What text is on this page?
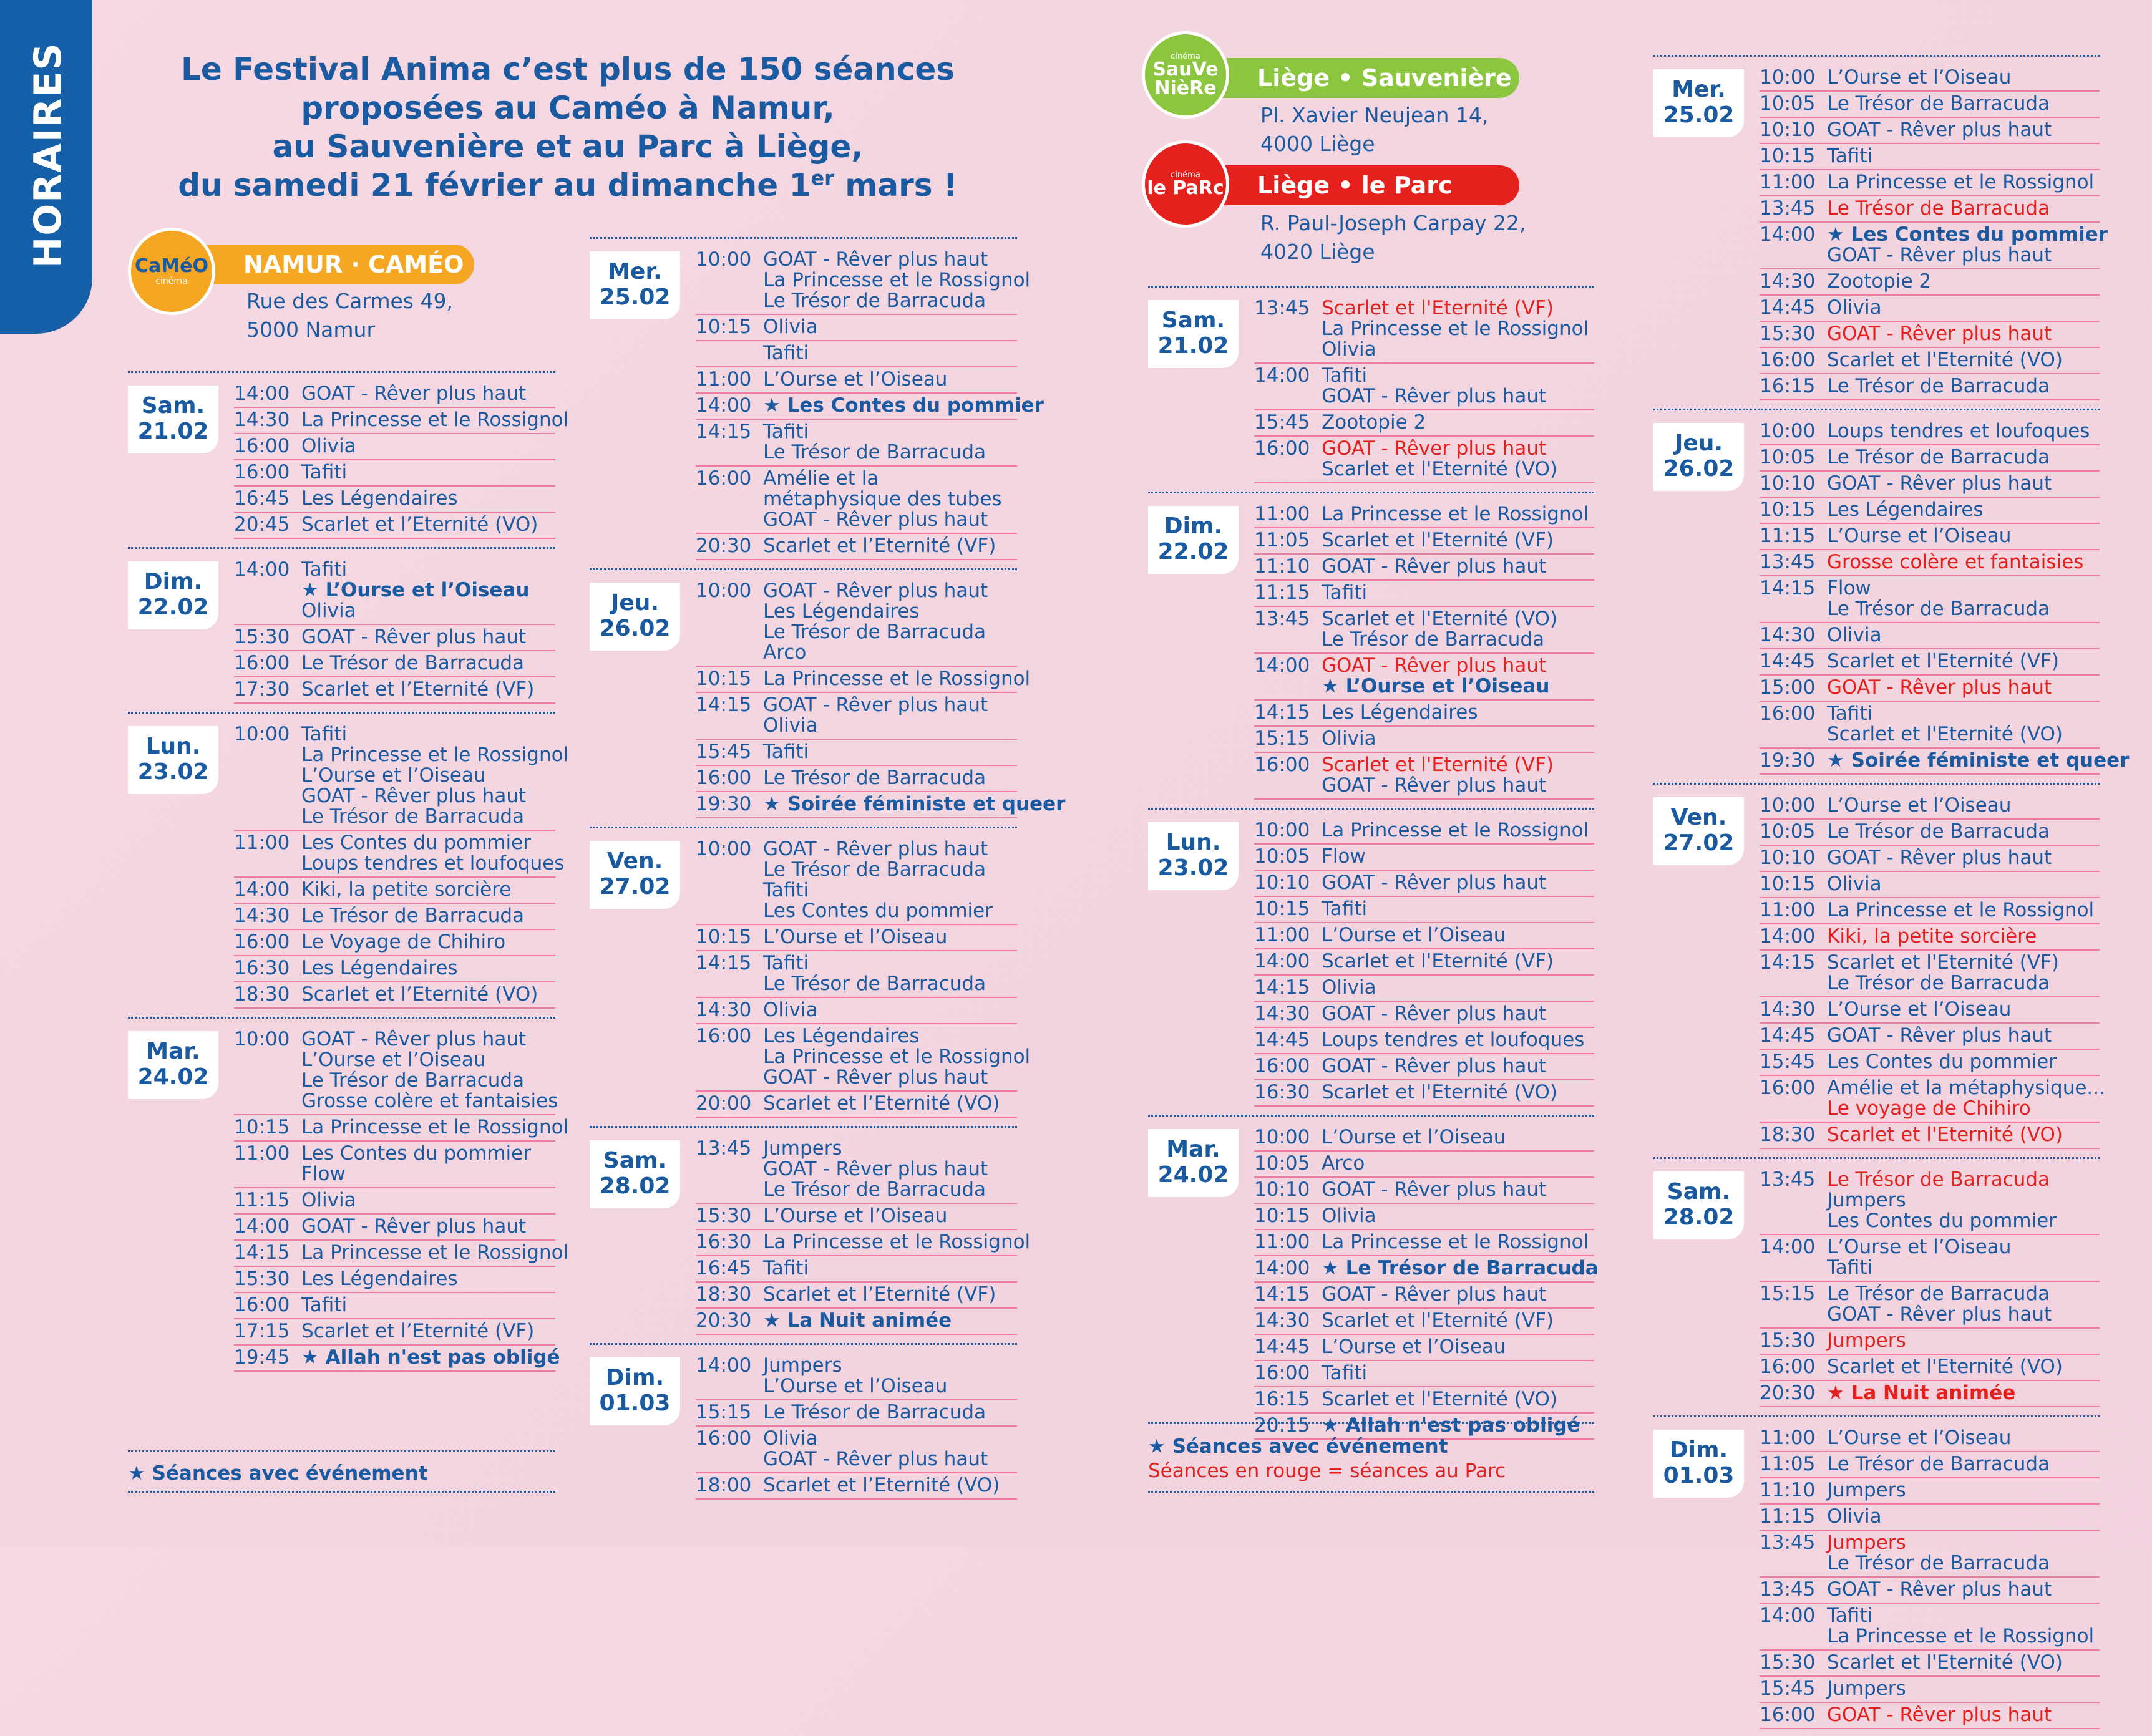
HORAIRES	Le Festival Anima c’est plus de 150 séances
proposées au Caméo à Namur,
au Sauvenière et au Parc à Liège,
du samedi 21 février au dimanche 1er mars !
NAMUR · CAMÉO
CaMéO
cinéma
Rue des Carmes 49,
5000 Namur
Liège • Sauvenière
cinéma
SauVe
NièRe
Pl. Xavier Neujean 14,
4000 Liège
Liège • le Parc
cinéma
le PaRc
R. Paul-Joseph Carpay 22,
4020 Liège
Sam.
21.02
14:00 GOAT - Rêver plus haut
14:30 La Princesse et le Rossignol
16:00 Olivia
16:00 Tafiti
16:45 Les Légendaires
20:45 Scarlet et l’Eternité (VO)
Dim.
22.02
14:00 Tafiti
★ L’Ourse et l’Oiseau
Olivia
15:30 GOAT - Rêver plus haut
16:00 Le Trésor de Barracuda
17:30 Scarlet et l’Eternité (VF)
Lun.
23.02
10:00 Tafiti
La Princesse et le Rossignol
L’Ourse et l’Oiseau
GOAT - Rêver plus haut
Le Trésor de Barracuda
11:00 Les Contes du pommier
Loups tendres et loufoques
14:00 Kiki, la petite sorcière
14:30 Le Trésor de Barracuda
16:00 Le Voyage de Chihiro
16:30 Les Légendaires
18:30 Scarlet et l’Eternité (VO)
Mar.
24.02
10:00 GOAT - Rêver plus haut
L’Ourse et l’Oiseau
Le Trésor de Barracuda
Grosse colère et fantaisies
10:15 La Princesse et le Rossignol
11:00 Les Contes du pommier
Flow
11:15 Olivia
14:00 GOAT - Rêver plus haut
14:15 La Princesse et le Rossignol
15:30 Les Légendaires
16:00 Tafiti
17:15 Scarlet et l’Eternité (VF)
19:45 ★ Allah n'est pas obligé
Mer.
25.02
10:00 GOAT - Rêver plus haut
La Princesse et le Rossignol
Le Trésor de Barracuda
10:15 Olivia
Tafiti
11:00 L’Ourse et l’Oiseau
14:00 ★ Les Contes du pommier
14:15 Tafiti
Le Trésor de Barracuda
16:00 Amélie et la
métaphysique des tubes
GOAT - Rêver plus haut
20:30 Scarlet et l’Eternité (VF)
Jeu.
26.02
10:00 GOAT - Rêver plus haut
Les Légendaires
Le Trésor de Barracuda
Arco
10:15 La Princesse et le Rossignol
14:15 GOAT - Rêver plus haut
Olivia
15:45 Tafiti
16:00 Le Trésor de Barracuda
19:30 ★ Soirée féministe et queer
Ven.
27.02
10:00 GOAT - Rêver plus haut
Le Trésor de Barracuda
Tafiti
Les Contes du pommier
10:15 L’Ourse et l’Oiseau
14:15 Tafiti
Le Trésor de Barracuda
14:30 Olivia
16:00 Les Légendaires
La Princesse et le Rossignol
GOAT - Rêver plus haut
20:00 Scarlet et l’Eternité (VO)
Sam.
28.02
13:45 Jumpers
GOAT - Rêver plus haut
Le Trésor de Barracuda
15:30 L’Ourse et l’Oiseau
16:30 La Princesse et le Rossignol
16:45 Tafiti
18:30 Scarlet et l’Eternité (VF)
20:30 ★ La Nuit animée
Dim.
01.03
14:00 Jumpers
L’Ourse et l’Oiseau
15:15 Le Trésor de Barracuda
16:00 Olivia
GOAT - Rêver plus haut
18:00 Scarlet et l’Eternité (VO)
Sam.
21.02
13:45 Scarlet et l'Eternité (VF)
La Princesse et le Rossignol
Olivia
14:00 Tafiti
GOAT - Rêver plus haut
15:45 Zootopie 2
16:00 GOAT - Rêver plus haut
Scarlet et l'Eternité (VO)
Dim.
22.02
11:00 La Princesse et le Rossignol
11:05 Scarlet et l'Eternité (VF)
11:10 GOAT - Rêver plus haut
11:15 Tafiti
13:45 Scarlet et l'Eternité (VO)
Le Trésor de Barracuda
14:00 GOAT - Rêver plus haut
★ L’Ourse et l’Oiseau
14:15 Les Légendaires
15:15 Olivia
16:00 Scarlet et l'Eternité (VF)
GOAT - Rêver plus haut
Lun.
23.02
10:00 La Princesse et le Rossignol
10:05 Flow
10:10 GOAT - Rêver plus haut
10:15 Tafiti
11:00 L’Ourse et l’Oiseau
14:00 Scarlet et l'Eternité (VF)
14:15 Olivia
14:30 GOAT - Rêver plus haut
14:45 Loups tendres et loufoques
16:00 GOAT - Rêver plus haut
16:30 Scarlet et l'Eternité (VO)
Mar.
24.02
10:00 L’Ourse et l’Oiseau
10:05 Arco
10:10 GOAT - Rêver plus haut
10:15 Olivia
11:00 La Princesse et le Rossignol
14:00 ★ Le Trésor de Barracuda
14:15 GOAT - Rêver plus haut
14:30 Scarlet et l'Eternité (VF)
14:45 L’Ourse et l’Oiseau
16:00 Tafiti
16:15 Scarlet et l'Eternité (VO)
20:15 ★ Allah n'est pas obligé
Mer.
25.02
10:00 L’Ourse et l’Oiseau
10:05 Le Trésor de Barracuda
10:10 GOAT - Rêver plus haut
10:15 Tafiti
11:00 La Princesse et le Rossignol
13:45 Le Trésor de Barracuda
14:00 ★ Les Contes du pommier
GOAT - Rêver plus haut
14:30 Zootopie 2
14:45 Olivia
15:30 GOAT - Rêver plus haut
16:00 Scarlet et l'Eternité (VO)
16:15 Le Trésor de Barracuda
Jeu.
26.02
10:00 Loups tendres et loufoques
10:05 Le Trésor de Barracuda
10:10 GOAT - Rêver plus haut
10:15 Les Légendaires
11:15 L’Ourse et l’Oiseau
13:45 Grosse colère et fantaisies
14:15 Flow
Le Trésor de Barracuda
14:30 Olivia
14:45 Scarlet et l'Eternité (VF)
15:00 GOAT - Rêver plus haut
16:00 Tafiti
Scarlet et l'Eternité (VO)
19:30 ★ Soirée féministe et queer
Ven.
27.02
10:00 L’Ourse et l’Oiseau
10:05 Le Trésor de Barracuda
10:10 GOAT - Rêver plus haut
10:15 Olivia
11:00 La Princesse et le Rossignol
14:00 Kiki, la petite sorcière
14:15 Scarlet et l'Eternité (VF)
Le Trésor de Barracuda
14:30 L’Ourse et l’Oiseau
14:45 GOAT - Rêver plus haut
15:45 Les Contes du pommier
16:00 Amélie et la métaphysique...
Le voyage de Chihiro
18:30 Scarlet et l'Eternité (VO)
Sam.
28.02
13:45 Le Trésor de Barracuda
Jumpers
Les Contes du pommier
14:00 L’Ourse et l’Oiseau
Tafiti
15:15 Le Trésor de Barracuda
GOAT - Rêver plus haut
15:30 Jumpers
16:00 Scarlet et l'Eternité (VO)
20:30 ★ La Nuit animée
Dim.
01.03
11:00 L’Ourse et l’Oiseau
11:05 Le Trésor de Barracuda
11:10 Jumpers
11:15 Olivia
13:45 Jumpers
Le Trésor de Barracuda
13:45 GOAT - Rêver plus haut
14:00 Tafiti
La Princesse et le Rossignol
15:30 Scarlet et l'Eternité (VO)
15:45 Jumpers
16:00 GOAT - Rêver plus haut
★ Séances avec événement
★ Séances avec événement
Séances en rouge = séances au Parc
